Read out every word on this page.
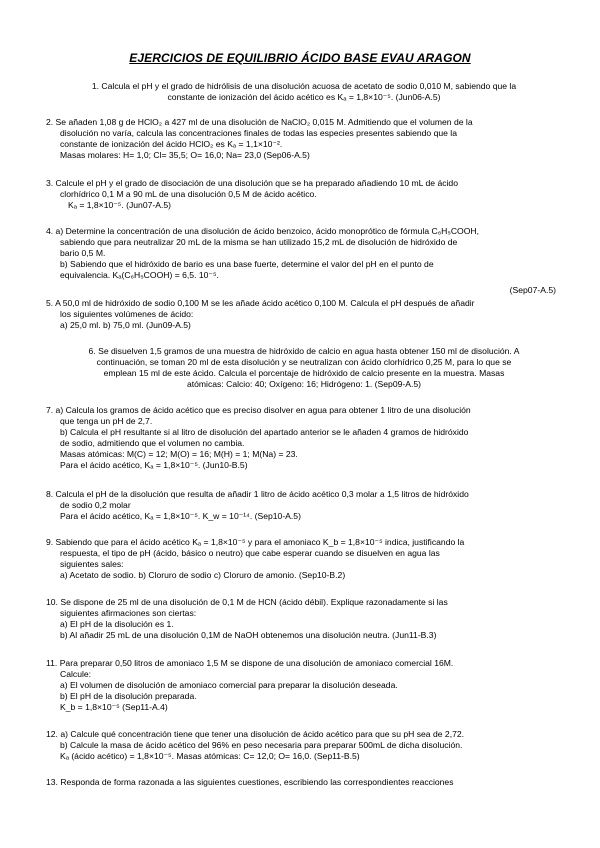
EJERCICIOS DE EQUILIBRIO ÁCIDO BASE EVAU ARAGON

1. Calcula el pH y el grado de hidrólisis de una disolución acuosa de acetato de sodio 0,010 M, sabiendo que la

constante de ionización del ácido acético es Kₐ = 1,8×10⁻⁵. (Jun06-A.5)

2. Se añaden 1,08 g de HClO₂ a 427 ml de una disolución de NaClO₂ 0,015 M. Admitiendo que el volumen de la

disolución no varía, calcula las concentraciones finales de todas las especies presentes sabiendo que la

constante de ionización del ácido HClO₂ es Kₐ = 1,1×10⁻².

Masas molares: H= 1,0; Cl= 35,5; O= 16,0; Na= 23,0 (Sep06-A.5)

3. Calcule el pH y el grado de disociación de una disolución que se ha preparado añadiendo 10 mL de ácido

clorhídrico 0,1 M a 90 mL de una disolución 0,5 M de ácido acético.

Kₐ = 1,8×10⁻⁵. (Jun07-A.5)

4. a) Determine la concentración de una disolución de ácido benzoico, ácido monoprótico de fórmula C₆H₅COOH,

sabiendo que para neutralizar 20 mL de la misma se han utilizado 15,2 mL de disolución de hidróxido de

bario 0,5 M.

b) Sabiendo que el hidróxido de bario es una base fuerte, determine el valor del pH en el punto de

equivalencia. Kₐ(C₆H₅COOH) = 6,5. 10⁻⁵.

(Sep07-A.5)

5. A 50,0 ml de hidróxido de sodio 0,100 M se les añade ácido acético 0,100 M. Calcula el pH después de añadir

los siguientes volúmenes de ácido:

a) 25,0 ml. b) 75,0 ml. (Jun09-A.5)

6. Se disuelven 1,5 gramos de una muestra de hidróxido de calcio en agua hasta obtener 150 ml de disolución. A

continuación, se toman 20 ml de esta disolución y se neutralizan con ácido clorhídrico 0,25 M, para lo que se

emplean 15 ml de este ácido. Calcula el porcentaje de hidróxido de calcio presente en la muestra. Masas

atómicas: Calcio: 40; Oxígeno: 16; Hidrógeno: 1. (Sep09-A.5)

7. a) Calcula los gramos de ácido acético que es preciso disolver en agua para obtener 1 litro de una disolución

que tenga un pH de 2,7.

b) Calcula el pH resultante si al litro de disolución del apartado anterior se le añaden 4 gramos de hidróxido

de sodio, admitiendo que el volumen no cambia.

Masas atómicas: M(C) = 12; M(O) = 16; M(H) = 1; M(Na) = 23.

Para el ácido acético, Kₐ = 1,8×10⁻⁵. (Jun10-B.5)

8. Calcula el pH de la disolución que resulta de añadir 1 litro de ácido acético 0,3 molar a 1,5 litros de hidróxido

de sodio 0,2 molar

Para el ácido acético, Kₐ = 1,8×10⁻⁵. K_w = 10⁻¹⁴. (Sep10-A.5)

9. Sabiendo que para el ácido acético Kₐ = 1,8×10⁻⁵ y para el amoniaco K_b = 1,8×10⁻⁵ indica, justificando la

respuesta, el tipo de pH (ácido, básico o neutro) que cabe esperar cuando se disuelven en agua las

siguientes sales:

a) Acetato de sodio. b) Cloruro de sodio c) Cloruro de amonio. (Sep10-B.2)

10. Se dispone de 25 ml de una disolución de 0,1 M de HCN (ácido débil). Explique razonadamente si las

siguientes afirmaciones son ciertas:

a) El pH de la disolución es 1.

b) Al añadir 25 mL de una disolución 0,1M de NaOH obtenemos una disolución neutra. (Jun11-B.3)

11. Para preparar 0,50 litros de amoniaco 1,5 M se dispone de una disolución de amoniaco comercial 16M.

Calcule:

a) El volumen de disolución de amoniaco comercial para preparar la disolución deseada.

b) El pH de la disolución preparada.

K_b = 1,8×10⁻⁵ (Sep11-A.4)

12. a) Calcule qué concentración tiene que tener una disolución de ácido acético para que su pH sea de 2,72.

b) Calcule la masa de ácido acético del 96% en peso necesaria para preparar 500mL de dicha disolución.

Kₐ (ácido acético) = 1,8×10⁻⁵. Masas atómicas: C= 12,0; O= 16,0. (Sep11-B.5)

13. Responda de forma razonada a las siguientes cuestiones, escribiendo las correspondientes reacciones
